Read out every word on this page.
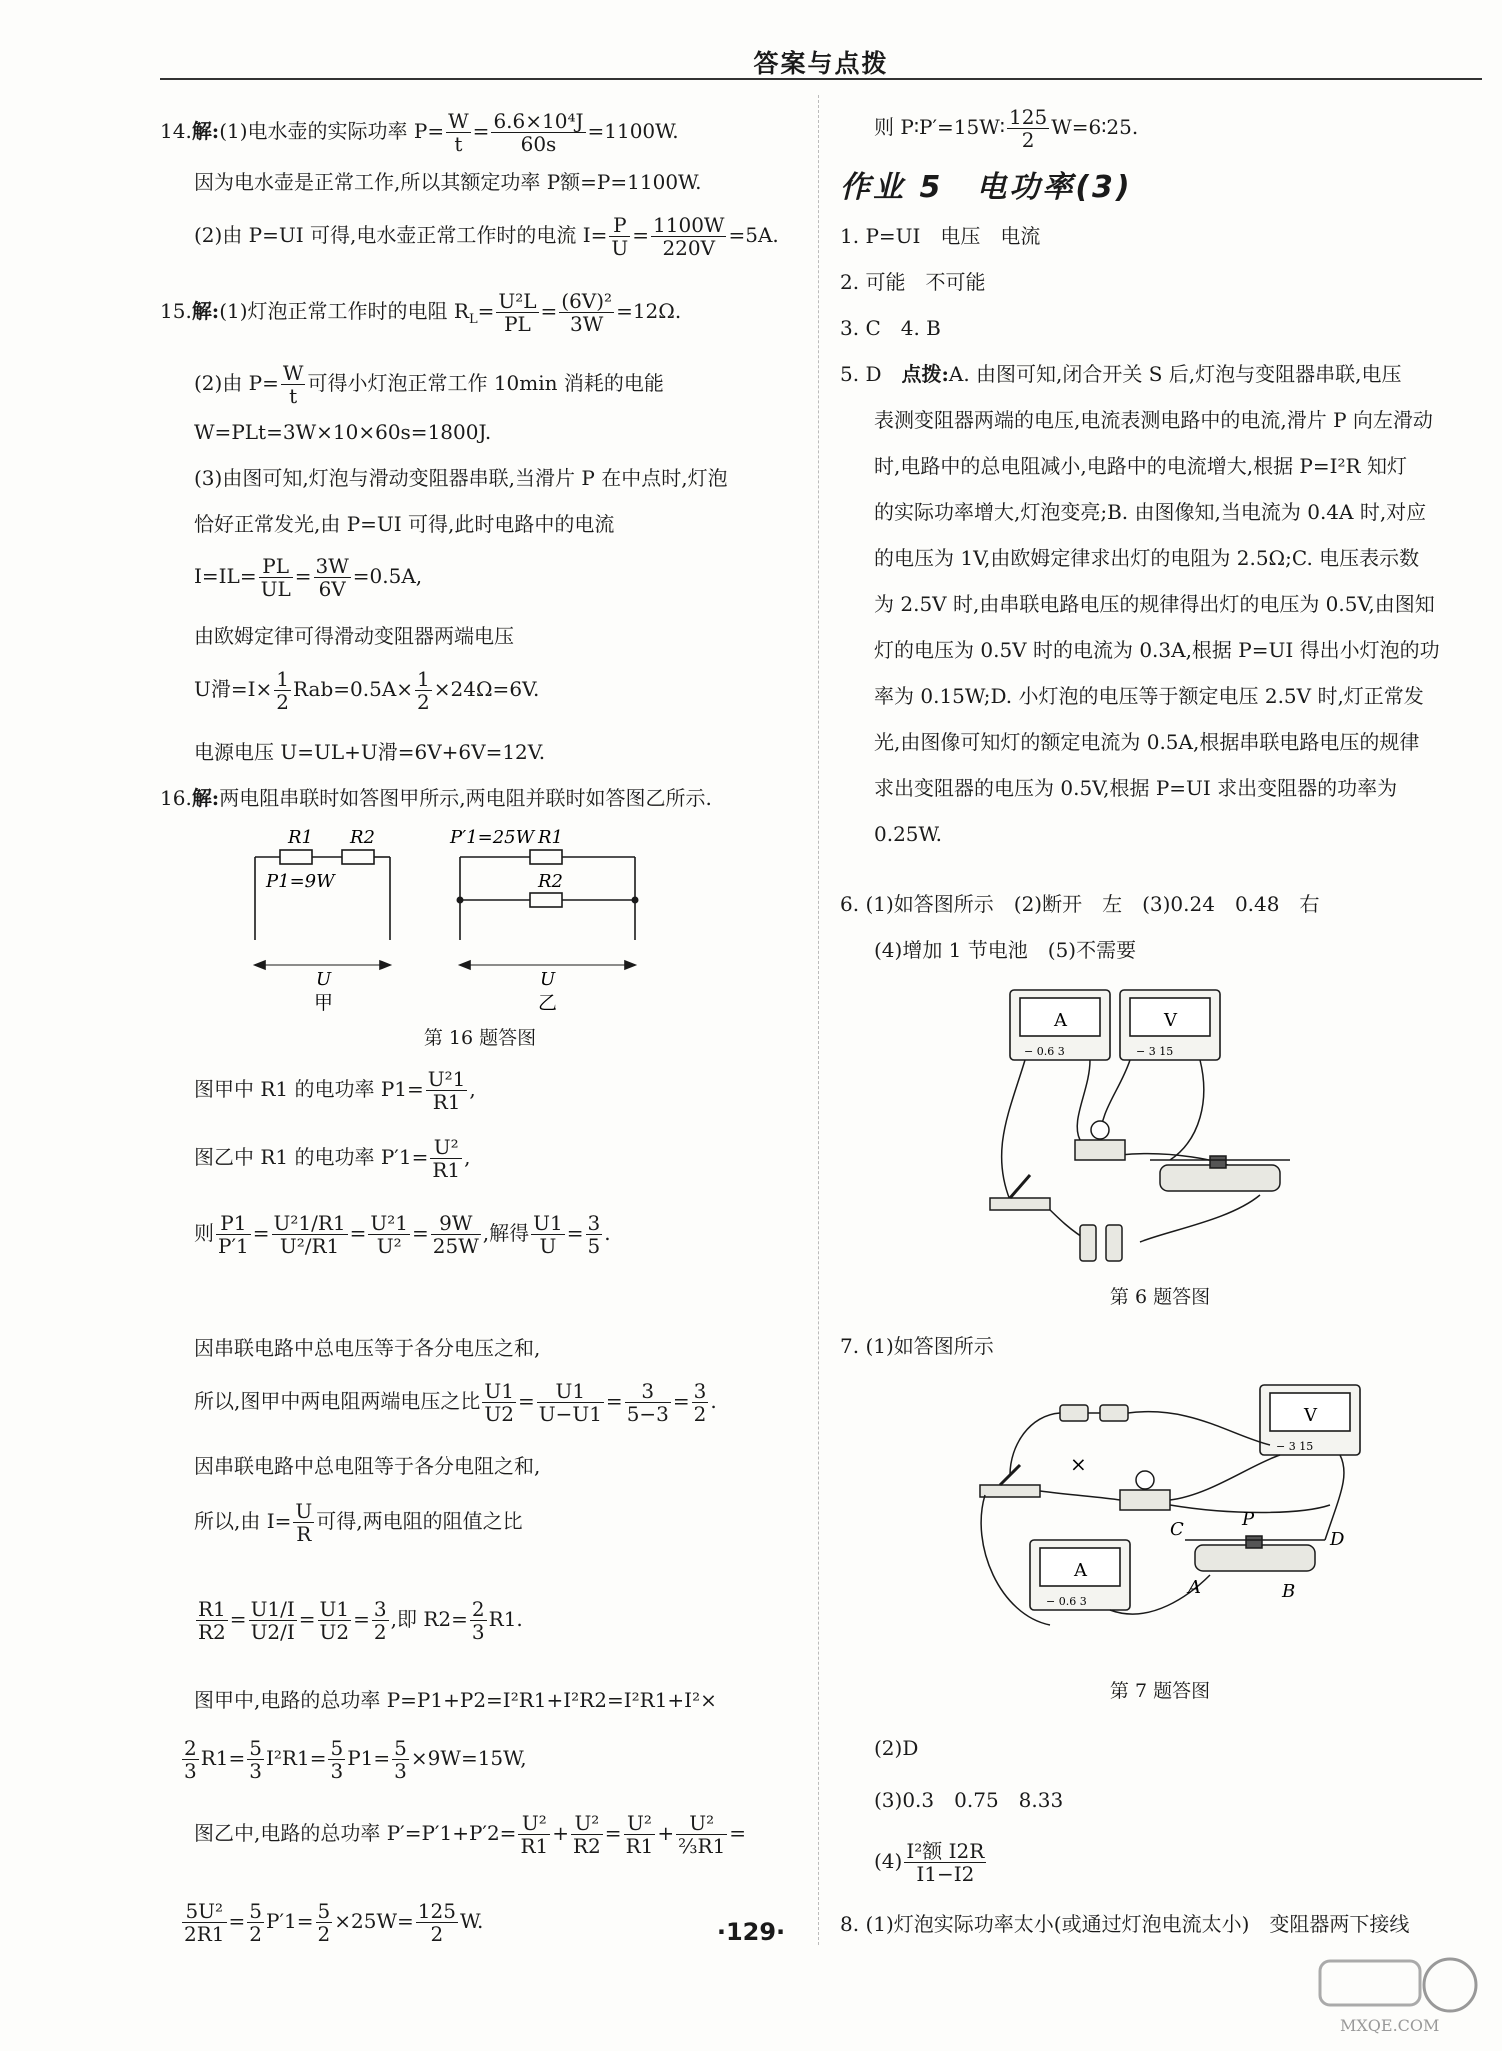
答案与点拨
14.解:(1)电水壶的实际功率 $P= \frac{W}{t} = \frac{\text{6.6×10⁴J}}{60s} =1100W$.
因为电水壶是正常工作,所以其额定功率 P额=P=1100W.
(2)由 P=UI 可得,电水壶正常工作时的电流 $I= \frac{P}{U} = \frac{1100W}{220V} =5A$.
15.解:(1)灯泡正常工作时的电阻 $R_L= \frac{\text{U²L}}{PL} = \frac{\text{(6V)²}}{3W} =12\Omega$.
(2)由 $P= \frac{W}{t}$ 可得小灯泡正常工作 10min 消耗的电能
W=PLt=3W×10×60s=1800J.
(3)由图可知,灯泡与滑动变阻器串联,当滑片 P 在中点时,灯泡
恰好正常发光,由 P=UI 可得,此时电路中的电流
$I=IL= \frac{PL}{UL} = \frac{3W}{6V} =0.5A$,
由欧姆定律可得滑动变阻器两端电压
U滑$=I\times \frac{1}{2} Rab=0.5A\times \frac{1}{2} \times 24\Omega=6V$.
电源电压 U=UL+U滑=6V+6V=12V.
16.解:两电阻串联时如答图甲所示,两电阻并联时如答图乙所示.
R1 R2
P1=9W
U
甲
P′1=25W R1
R2
U
乙
第 16 题答图
图甲中 R1 的电功率 $P1= \frac{\text{U²1}}{R1}$ ,
图乙中 R1 的电功率 $P'1= \frac{\text{U²}}{R1}$ ,
则 $\frac{P1}{P'1} = \frac{\text{U²1/R1}}{\text{U²/R1}} = \frac{\text{U²1}}{\text{U²}} = \frac{9W}{25W}$ ,解得 $\frac{U1}{U} = \frac{3}{5}$ .
因串联电路中总电压等于各分电压之和,
所以,图甲中两电阻两端电压之比 $\frac{U1}{U2} = \frac{U1}{U-U1} = \frac{3}{5-3} = \frac{3}{2}$ .
因串联电路中总电阻等于各分电阻之和,
所以,由 $I= \frac{U}{R}$ 可得,两电阻的阻值之比
$\frac{R1}{R2} = \frac{U1/I}{U2/I} = \frac{U1}{U2} = \frac{3}{2}$ ,即 $R2= \frac{2}{3} R1$.
图甲中,电路的总功率 P=P1+P2=I²R1+I²R2=I²R1+I²×
$\frac{2}{3} R1= \frac{5}{3} I^2R1= \frac{5}{3} P1= \frac{5}{3} \times 9W=15W$,
图乙中,电路的总功率 $P'=P'1+P'2= \frac{\text{U²}}{R1} + \frac{\text{U²}}{R2} = \frac{\text{U²}}{R1} + \frac{\text{U²}}{\text{⅔R1}}$ =
$\frac{\text{5U²}}{2R1} = \frac{5}{2} P'1= \frac{5}{2} \times 25W= \frac{125}{2} W$.
则 P∶P′=15W∶ $\frac{125}{2}$ W=6∶25.
作业 5　电功率(3)
1. P=UI　电压　电流
2. 可能　不可能
3. C　4. B
5. D　点拨:A. 由图可知,闭合开关 S 后,灯泡与变阻器串联,电压
表测变阻器两端的电压,电流表测电路中的电流,滑片 P 向左滑动
时,电路中的总电阻减小,电路中的电流增大,根据 P=I²R 知灯
的实际功率增大,灯泡变亮;B. 由图像知,当电流为 0.4A 时,对应
的电压为 1V,由欧姆定律求出灯的电阻为 2.5Ω;C. 电压表示数
为 2.5V 时,由串联电路电压的规律得出灯的电压为 0.5V,由图知
灯的电压为 0.5V 时的电流为 0.3A,根据 P=UI 得出小灯泡的功
率为 0.15W;D. 小灯泡的电压等于额定电压 2.5V 时,灯正常发
光,由图像可知灯的额定电流为 0.5A,根据串联电路电压的规律
求出变阻器的电压为 0.5V,根据 P=UI 求出变阻器的功率为
0.25W.
6. (1)如答图所示　(2)断开　左　(3)0.24　0.48　右
(4)增加 1 节电池　(5)不需要
A	V
− 0.6 3	− 3 15
第 6 题答图
7. (1)如答图所示
V
A
− 3 15
− 0.6 3
×
C	P
D
A	B
第 7 题答图
(2)D
(3)0.3　0.75　8.33
$(4) \frac{\text{I²额 I2R}}{I1-I2}$
8. (1)灯泡实际功率太小(或通过灯泡电流太小)　变阻器两下接线
·129·
MXQE.COM
